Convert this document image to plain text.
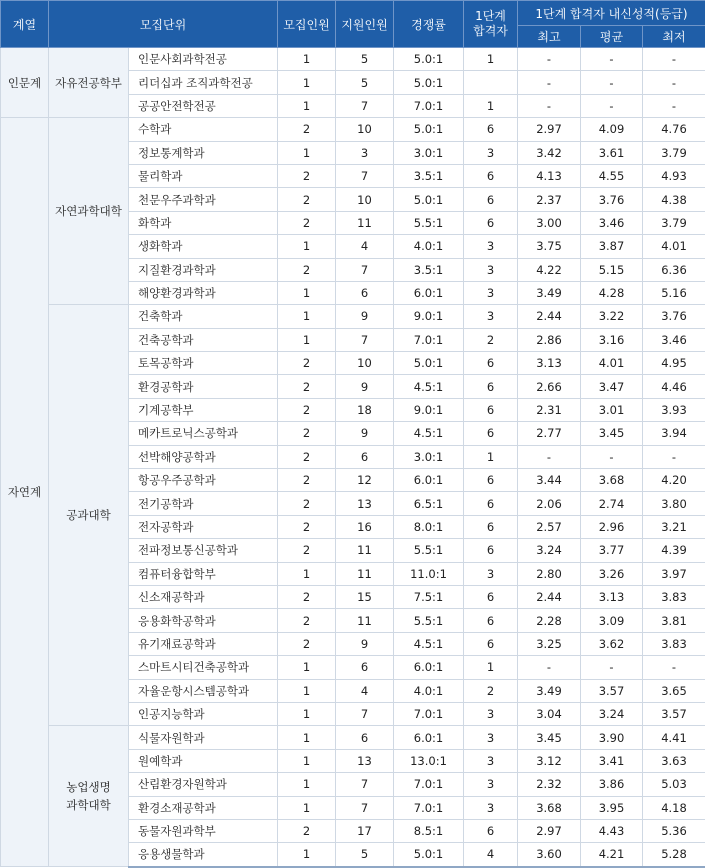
계열	모집단위		모집인원	지원인원	경쟁률	1단계
합격자	1단계 합격자 내신성적(등급)		
							최고	평균	최저
인문계	자유전공학부	인문사회과학전공	1	5	5.0:1	1	-	-	-
		리더십과 조직과학전공	1	5	5.0:1		-	-	-
		공공안전학전공	1	7	7.0:1	1	-	-	-
자연계	자연과학대학	수학과	2	10	5.0:1	6	2.97	4.09	4.76
		정보통계학과	1	3	3.0:1	3	3.42	3.61	3.79
		물리학과	2	7	3.5:1	6	4.13	4.55	4.93
		천문우주과학과	2	10	5.0:1	6	2.37	3.76	4.38
		화학과	2	11	5.5:1	6	3.00	3.46	3.79
		생화학과	1	4	4.0:1	3	3.75	3.87	4.01
		지질환경과학과	2	7	3.5:1	3	4.22	5.15	6.36
		해양환경과학과	1	6	6.0:1	3	3.49	4.28	5.16
	공과대학	건축학과	1	9	9.0:1	3	2.44	3.22	3.76
		건축공학과	1	7	7.0:1	2	2.86	3.16	3.46
		토목공학과	2	10	5.0:1	6	3.13	4.01	4.95
		환경공학과	2	9	4.5:1	6	2.66	3.47	4.46
		기계공학부	2	18	9.0:1	6	2.31	3.01	3.93
		메카트로닉스공학과	2	9	4.5:1	6	2.77	3.45	3.94
		선박해양공학과	2	6	3.0:1	1	-	-	-
		항공우주공학과	2	12	6.0:1	6	3.44	3.68	4.20
		전기공학과	2	13	6.5:1	6	2.06	2.74	3.80
		전자공학과	2	16	8.0:1	6	2.57	2.96	3.21
		전파정보통신공학과	2	11	5.5:1	6	3.24	3.77	4.39
		컴퓨터융합학부	1	11	11.0:1	3	2.80	3.26	3.97
		신소재공학과	2	15	7.5:1	6	2.44	3.13	3.83
		응용화학공학과	2	11	5.5:1	6	2.28	3.09	3.81
		유기재료공학과	2	9	4.5:1	6	3.25	3.62	3.83
		스마트시티건축공학과	1	6	6.0:1	1	-	-	-
		자율운항시스템공학과	1	4	4.0:1	2	3.49	3.57	3.65
		인공지능학과	1	7	7.0:1	3	3.04	3.24	3.57
	농업생명
과학대학	식물자원학과	1	6	6.0:1	3	3.45	3.90	4.41
		원예학과	1	13	13.0:1	3	3.12	3.41	3.63
		산림환경자원학과	1	7	7.0:1	3	2.32	3.86	5.03
		환경소재공학과	1	7	7.0:1	3	3.68	3.95	4.18
		동물자원과학부	2	17	8.5:1	6	2.97	4.43	5.36
		응용생물학과	1	5	5.0:1	4	3.60	4.21	5.28
